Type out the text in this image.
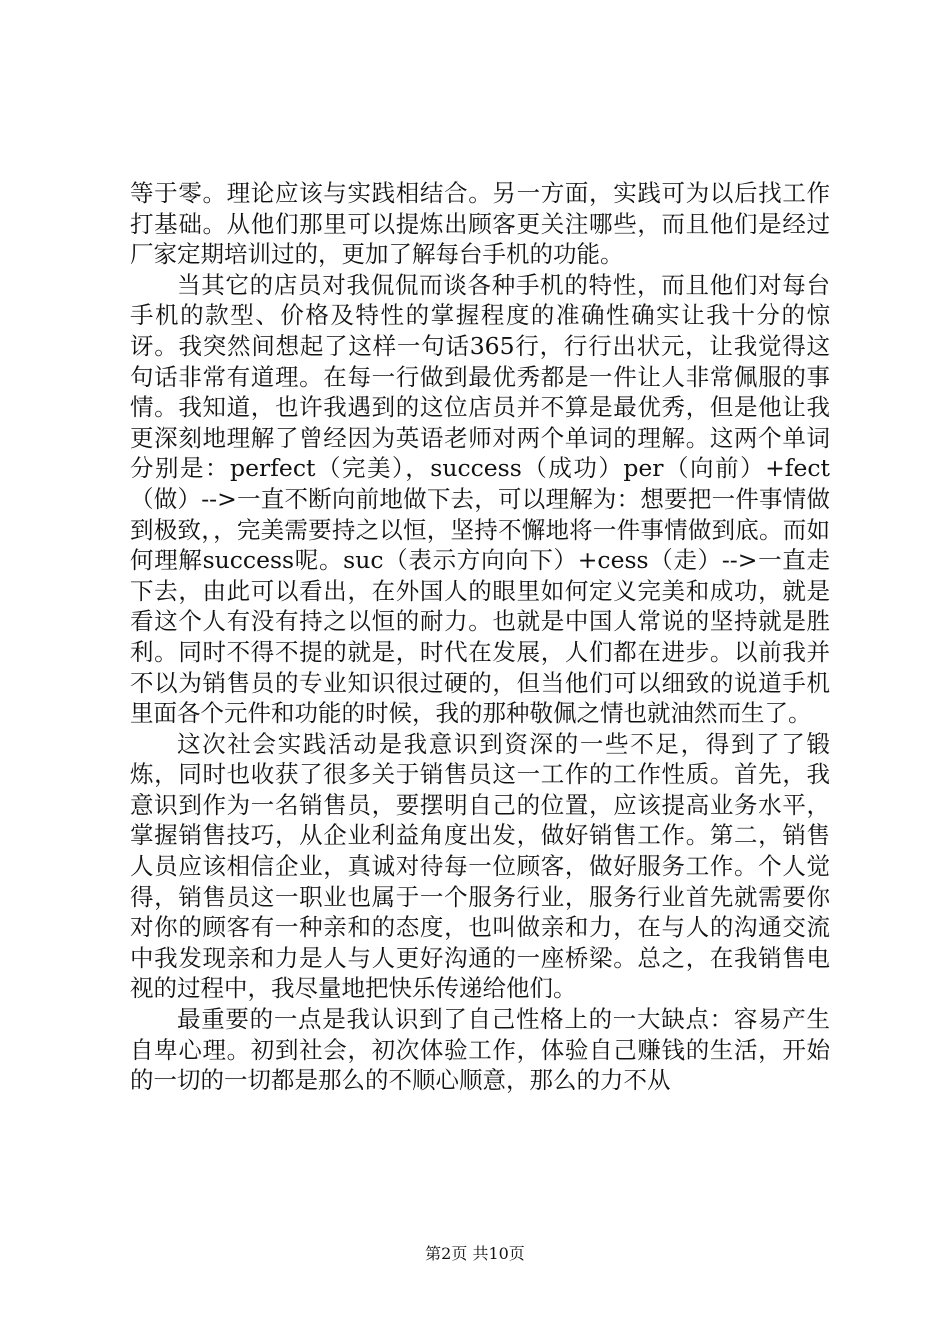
等于零。理论应该与实践相结合。另一方面，实践可为以后找工作打基础。从他们那里可以提炼出顾客更关注哪些，而且他们是经过厂家定期培训过的，更加了解每台手机的功能。

当其它的店员对我侃侃而谈各种手机的特性，而且他们对每台手机的款型、价格及特性的掌握程度的准确性确实让我十分的惊讶。我突然间想起了这样一句话365行，行行出状元，让我觉得这句话非常有道理。在每一行做到最优秀都是一件让人非常佩服的事情。我知道，也许我遇到的这位店员并不算是最优秀，但是他让我更深刻地理解了曾经因为英语老师对两个单词的理解。这两个单词分别是：perfect（完美），success（成功）per（向前）+fect（做）-->一直不断向前地做下去，可以理解为：想要把一件事情做到极致，，完美需要持之以恒，坚持不懈地将一件事情做到底。而如何理解success呢。suc（表示方向向下）+cess（走）-->一直走下去，由此可以看出，在外国人的眼里如何定义完美和成功，就是看这个人有没有持之以恒的耐力。也就是中国人常说的坚持就是胜利。同时不得不提的就是，时代在发展，人们都在进步。以前我并不以为销售员的专业知识很过硬的，但当他们可以细致的说道手机里面各个元件和功能的时候，我的那种敬佩之情也就油然而生了。

这次社会实践活动是我意识到资深的一些不足，得到了了锻炼，同时也收获了很多关于销售员这一工作的工作性质。首先，我意识到作为一名销售员，要摆明自己的位置，应该提高业务水平，掌握销售技巧，从企业利益角度出发，做好销售工作。第二，销售人员应该相信企业，真诚对待每一位顾客，做好服务工作。个人觉得，销售员这一职业也属于一个服务行业，服务行业首先就需要你对你的顾客有一种亲和的态度，也叫做亲和力，在与人的沟通交流中我发现亲和力是人与人更好沟通的一座桥梁。总之，在我销售电视的过程中，我尽量地把快乐传递给他们。

最重要的一点是我认识到了自己性格上的一大缺点：容易产生自卑心理。初到社会，初次体验工作，体验自己赚钱的生活，开始的一切的一切都是那么的不顺心顺意，那么的力不从

第2页 共10页
